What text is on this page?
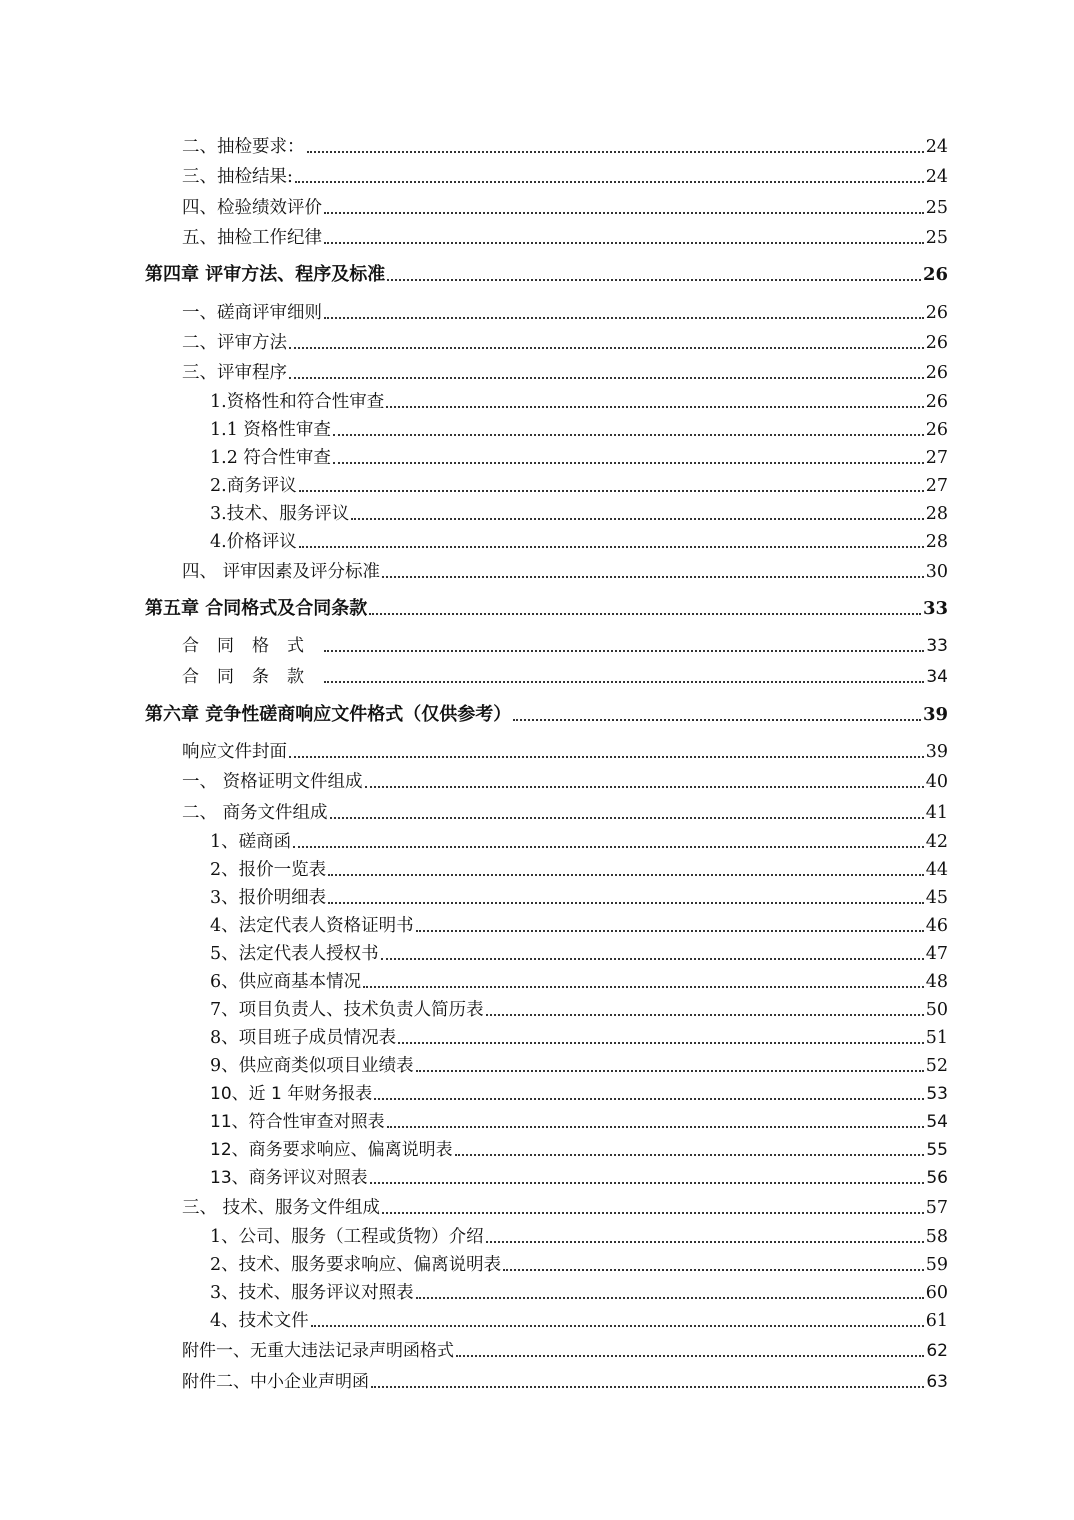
二、抽检要求：	24
三、抽检结果:	24
四、检验绩效评价	25
五、抽检工作纪律	25
第四章 评审方法、程序及标准	26
一、磋商评审细则	26
二、评审方法	26
三、评审程序	26
1.资格性和符合性审查	26
1.1 资格性审查	26
1.2 符合性审查	27
2.商务评议	27
3.技术、服务评议	28
4.价格评议	28
四、 评审因素及评分标准	30
第五章 合同格式及合同条款	33
合同格式	33
合同条款	34
第六章 竞争性磋商响应文件格式（仅供参考）	39
响应文件封面	39
一、 资格证明文件组成	40
二、 商务文件组成	41
1、磋商函	42
2、报价一览表	44
3、报价明细表	45
4、法定代表人资格证明书	46
5、法定代表人授权书	47
6、供应商基本情况	48
7、项目负责人、技术负责人简历表	50
8、项目班子成员情况表	51
9、供应商类似项目业绩表	52
10、近 1 年财务报表	53
11、符合性审查对照表	54
12、商务要求响应、偏离说明表	55
13、商务评议对照表	56
三、 技术、服务文件组成	57
1、公司、服务（工程或货物）介绍	58
2、技术、服务要求响应、偏离说明表	59
3、技术、服务评议对照表	60
4、技术文件	61
附件一、无重大违法记录声明函格式	62
附件二、中小企业声明函	63
